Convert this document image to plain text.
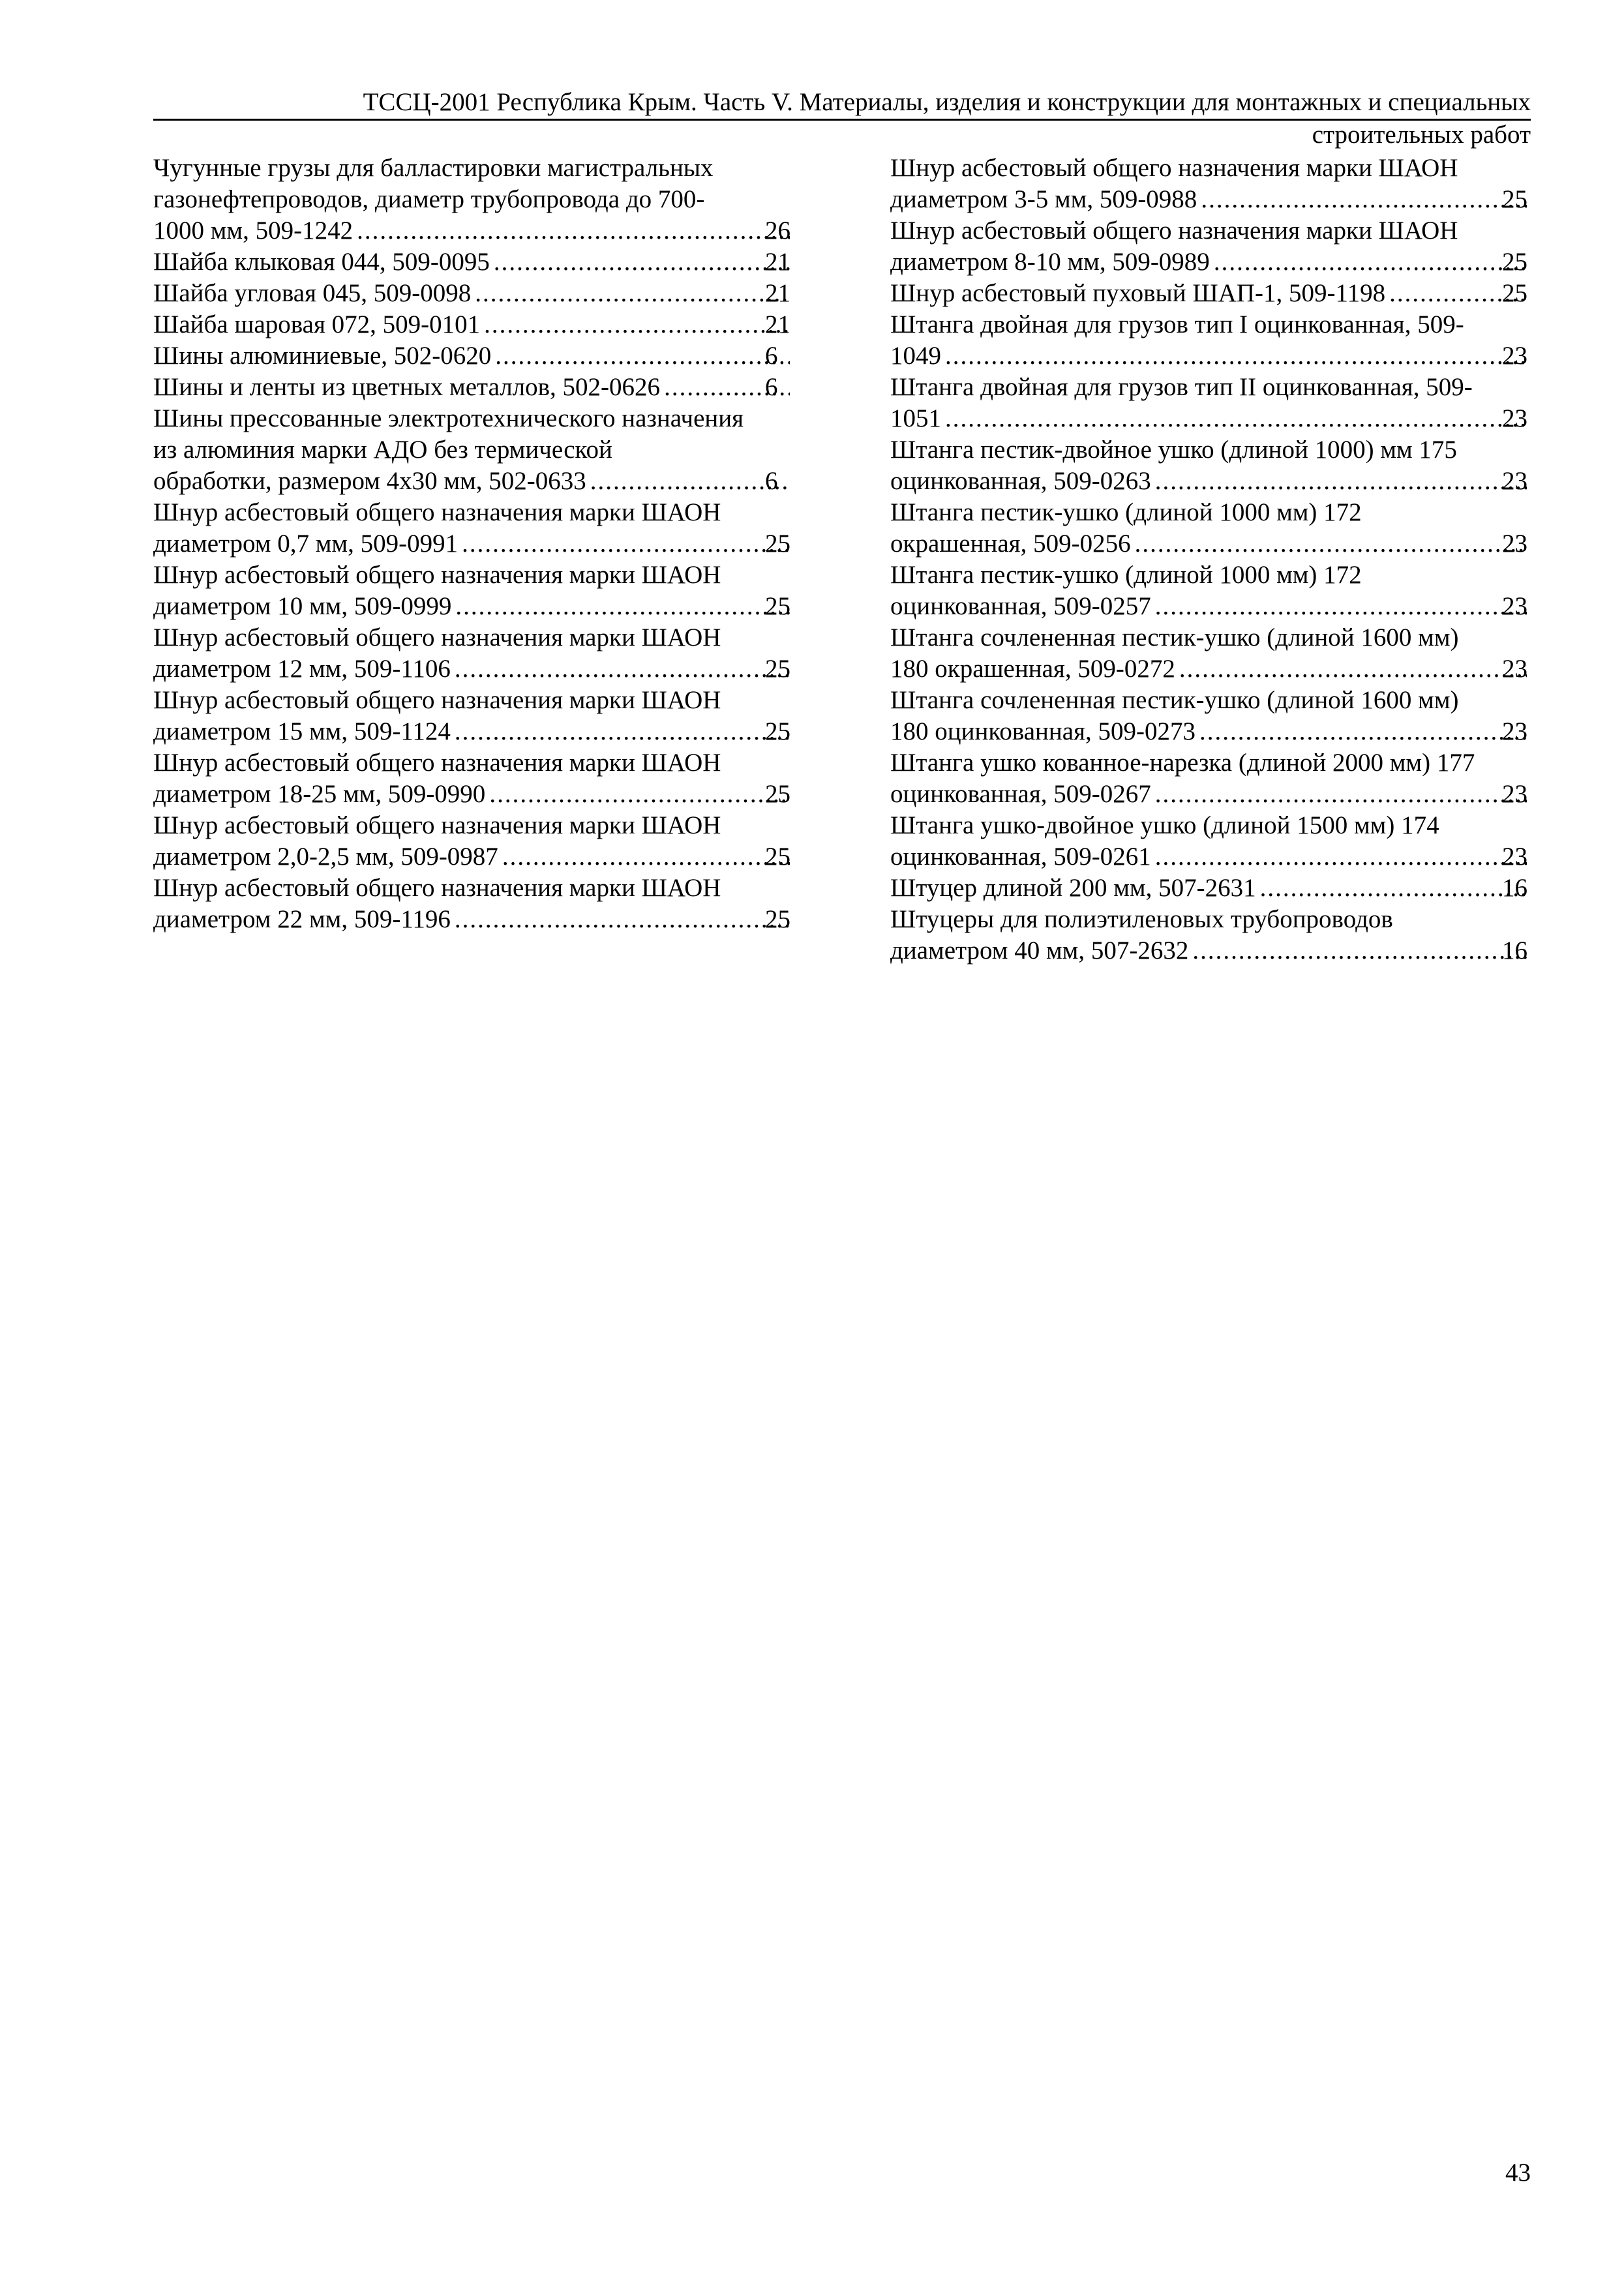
ТССЦ-2001 Республика Крым. Часть V. Материалы, изделия и конструкции для монтажных и специальных
строительных работ
Чугунные грузы для балластировки магистральных
газонефтепроводов, диаметр трубопровода до 700-
1000 мм, 509-1242 .....	26
Шайба клыковая 044, 509-0095 .....	21
Шайба угловая 045, 509-0098 .....	21
Шайба шаровая 072, 509-0101 .....	21
Шины алюминиевые, 502-0620 .....	6
Шины и ленты из цветных металлов, 502-0626 .....	6
Шины прессованные электротехнического назначения
из алюминия марки АДО без термической
обработки, размером 4х30 мм, 502-0633 .....	6
Шнур асбестовый общего назначения марки ШАОН
диаметром 0,7 мм, 509-0991 .....	25
Шнур асбестовый общего назначения марки ШАОН
диаметром 10 мм, 509-0999 .....	25
Шнур асбестовый общего назначения марки ШАОН
диаметром 12 мм, 509-1106 .....	25
Шнур асбестовый общего назначения марки ШАОН
диаметром 15 мм, 509-1124 .....	25
Шнур асбестовый общего назначения марки ШАОН
диаметром 18-25 мм, 509-0990 .....	25
Шнур асбестовый общего назначения марки ШАОН
диаметром 2,0-2,5 мм, 509-0987 .....	25
Шнур асбестовый общего назначения марки ШАОН
диаметром 22 мм, 509-1196 .....	25
Шнур асбестовый общего назначения марки ШАОН
диаметром 3-5 мм, 509-0988 .....	25
Шнур асбестовый общего назначения марки ШАОН
диаметром 8-10 мм, 509-0989 .....	25
Шнур асбестовый пуховый ШАП-1, 509-1198 .....	25
Штанга двойная для грузов тип I оцинкованная, 509-
1049 .....	23
Штанга двойная для грузов тип II оцинкованная, 509-
1051 .....	23
Штанга пестик-двойное ушко (длиной 1000) мм 175
оцинкованная, 509-0263 .....	23
Штанга пестик-ушко (длиной 1000 мм) 172
окрашенная, 509-0256 .....	23
Штанга пестик-ушко (длиной 1000 мм) 172
оцинкованная, 509-0257 .....	23
Штанга сочлененная пестик-ушко (длиной 1600 мм)
180 окрашенная, 509-0272 .....	23
Штанга сочлененная пестик-ушко (длиной 1600 мм)
180 оцинкованная, 509-0273 .....	23
Штанга ушко кованное-нарезка (длиной 2000 мм) 177
оцинкованная, 509-0267 .....	23
Штанга ушко-двойное ушко (длиной 1500 мм) 174
оцинкованная, 509-0261 .....	23
Штуцер длиной 200 мм, 507-2631 .....	16
Штуцеры для полиэтиленовых трубопроводов
диаметром 40 мм, 507-2632 .....	16
43
